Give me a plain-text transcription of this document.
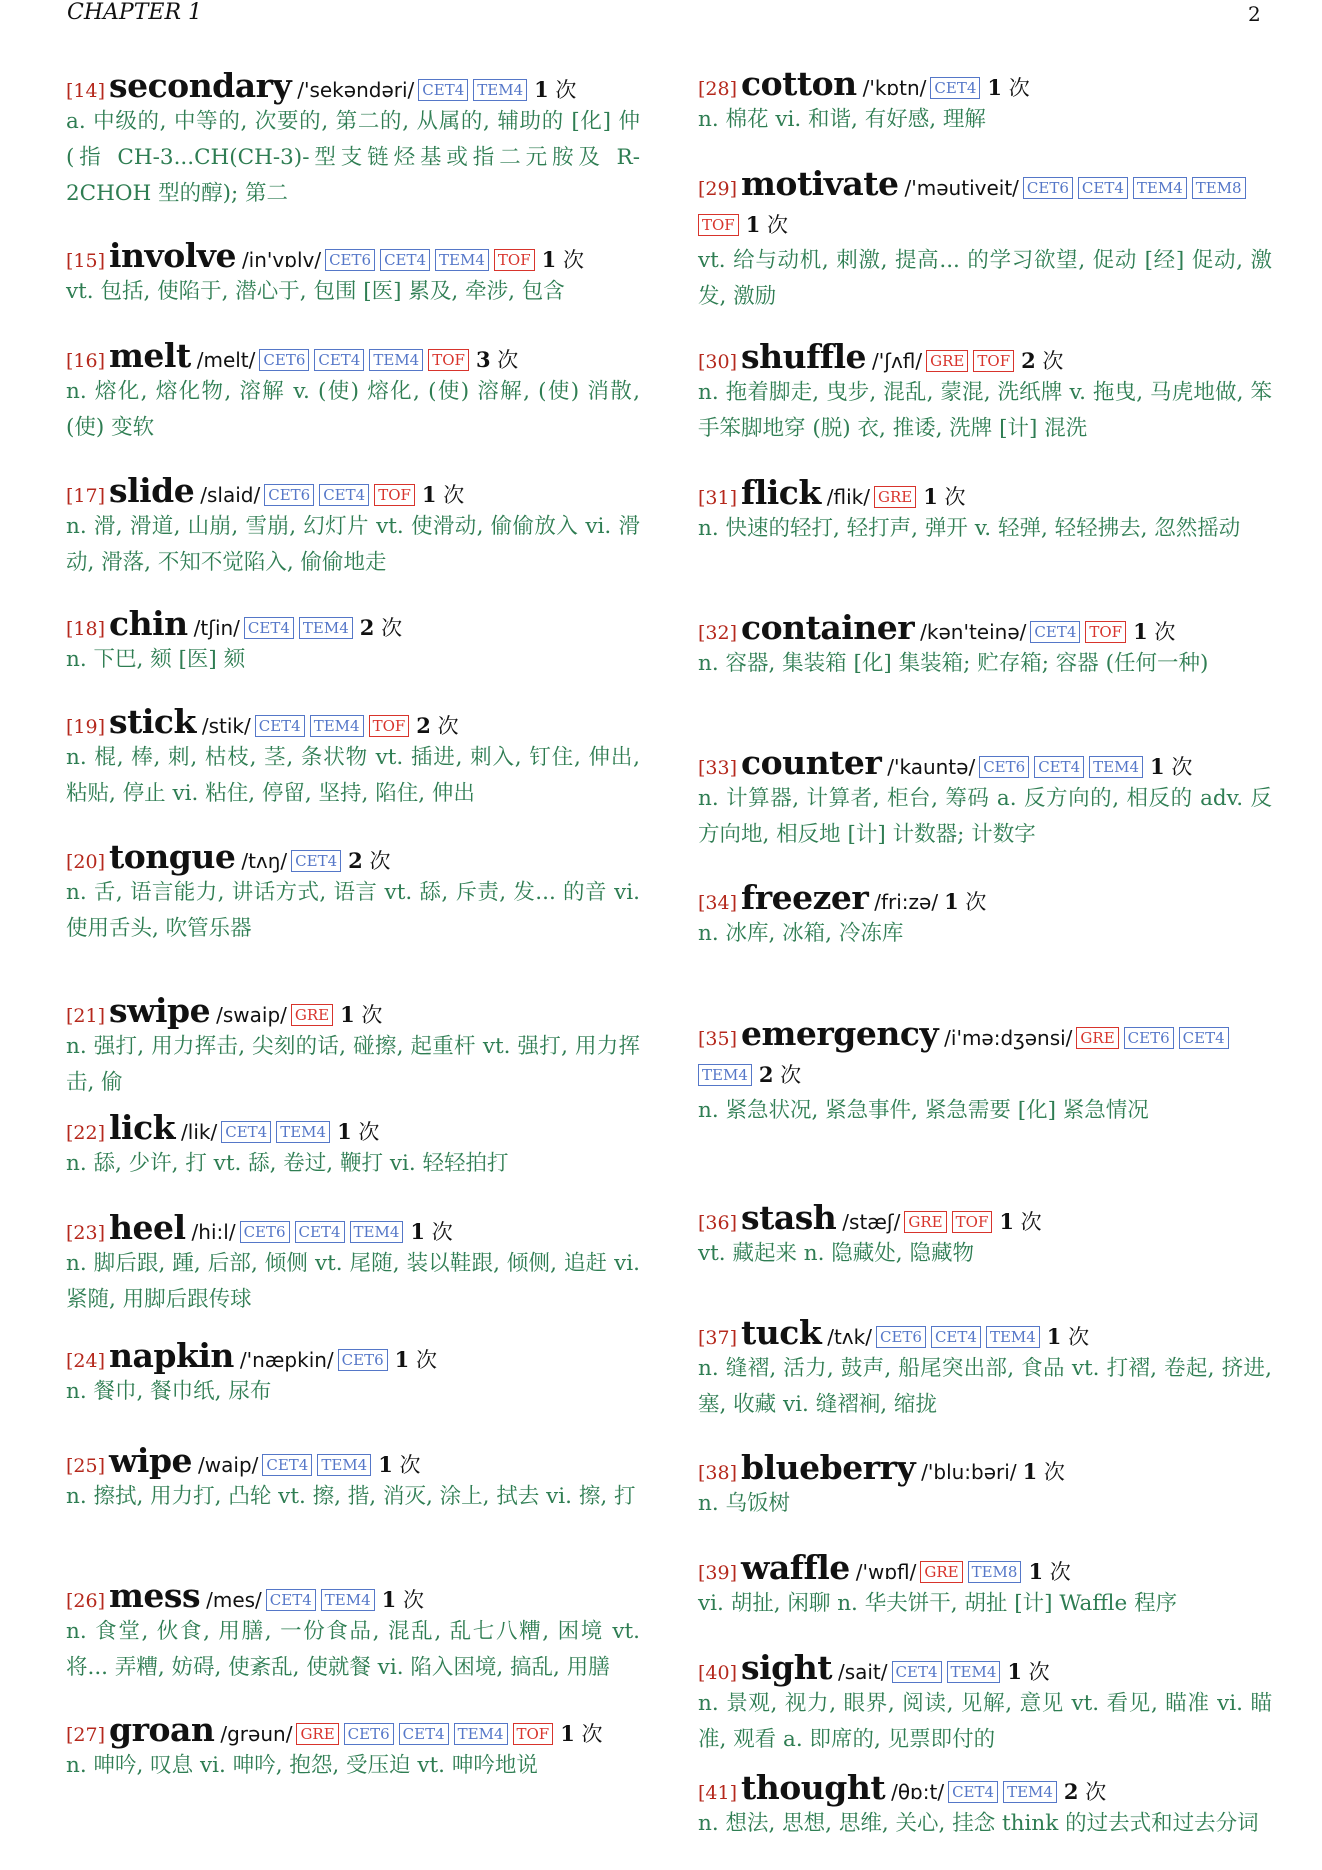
CHAPTER 1	2
[14] secondary /'sekəndəri/ CET4 TEM4 1 次
a. 中级的, 中等的, 次要的, 第二的, 从属的, 辅助的 [化] 仲 (指 CH-3...CH(CH-3)-型支链烃基或指二元胺及 R-2CHOH 型的醇); 第二
[15] involve /in'vɒlv/ CET6 CET4 TEM4 TOF 1 次
vt. 包括, 使陷于, 潜心于, 包围 [医] 累及, 牵涉, 包含
[16] melt /melt/ CET6 CET4 TEM4 TOF 3 次
n. 熔化, 熔化物, 溶解 v. (使) 熔化, (使) 溶解, (使) 消散, (使) 变软
[17] slide /slaid/ CET6 CET4 TOF 1 次
n. 滑, 滑道, 山崩, 雪崩, 幻灯片 vt. 使滑动, 偷偷放入 vi. 滑动, 滑落, 不知不觉陷入, 偷偷地走
[18] chin /tʃin/ CET4 TEM4 2 次
n. 下巴, 颏 [医] 颏
[19] stick /stik/ CET4 TEM4 TOF 2 次
n. 棍, 棒, 刺, 枯枝, 茎, 条状物 vt. 插进, 刺入, 钉住, 伸出, 粘贴, 停止 vi. 粘住, 停留, 坚持, 陷住, 伸出
[20] tongue /tʌŋ/ CET4 2 次
n. 舌, 语言能力, 讲话方式, 语言 vt. 舔, 斥责, 发... 的音 vi. 使用舌头, 吹管乐器
[21] swipe /swaip/ GRE 1 次
n. 强打, 用力挥击, 尖刻的话, 碰擦, 起重杆 vt. 强打, 用力挥击, 偷
[22] lick /lik/ CET4 TEM4 1 次
n. 舔, 少许, 打 vt. 舔, 卷过, 鞭打 vi. 轻轻拍打
[23] heel /hi:l/ CET6 CET4 TEM4 1 次
n. 脚后跟, 踵, 后部, 倾侧 vt. 尾随, 装以鞋跟, 倾侧, 追赶 vi. 紧随, 用脚后跟传球
[24] napkin /'næpkin/ CET6 1 次
n. 餐巾, 餐巾纸, 尿布
[25] wipe /waip/ CET4 TEM4 1 次
n. 擦拭, 用力打, 凸轮 vt. 擦, 揩, 消灭, 涂上, 拭去 vi. 擦, 打
[26] mess /mes/ CET4 TEM4 1 次
n. 食堂, 伙食, 用膳, 一份食品, 混乱, 乱七八糟, 困境 vt. 将... 弄糟, 妨碍, 使紊乱, 使就餐 vi. 陷入困境, 搞乱, 用膳
[27] groan /grəun/ GRE CET6 CET4 TEM4 TOF 1 次
n. 呻吟, 叹息 vi. 呻吟, 抱怨, 受压迫 vt. 呻吟地说
[28] cotton /'kɒtn/ CET4 1 次
n. 棉花 vi. 和谐, 有好感, 理解
[29] motivate /'məutiveit/ CET6 CET4 TEM4 TEM8
TOF 1 次
vt. 给与动机, 刺激, 提高... 的学习欲望, 促动 [经] 促动, 激发, 激励
[30] shuffle /'ʃʌfl/ GRE TOF 2 次
n. 拖着脚走, 曳步, 混乱, 蒙混, 洗纸牌 v. 拖曳, 马虎地做, 笨手笨脚地穿 (脱) 衣, 推诿, 洗牌 [计] 混洗
[31] flick /flik/ GRE 1 次
n. 快速的轻打, 轻打声, 弹开 v. 轻弹, 轻轻拂去, 忽然摇动
[32] container /kən'teinə/ CET4 TOF 1 次
n. 容器, 集装箱 [化] 集装箱; 贮存箱; 容器 (任何一种)
[33] counter /'kauntə/ CET6 CET4 TEM4 1 次
n. 计算器, 计算者, 柜台, 筹码 a. 反方向的, 相反的 adv. 反方向地, 相反地 [计] 计数器; 计数字
[34] freezer /fri:zə/ 1 次
n. 冰库, 冰箱, 冷冻库
[35] emergency /i'mə:dʒənsi/ GRE CET6 CET4
TEM4 2 次
n. 紧急状况, 紧急事件, 紧急需要 [化] 紧急情况
[36] stash /stæʃ/ GRE TOF 1 次
vt. 藏起来 n. 隐藏处, 隐藏物
[37] tuck /tʌk/ CET6 CET4 TEM4 1 次
n. 缝褶, 活力, 鼓声, 船尾突出部, 食品 vt. 打褶, 卷起, 挤进, 塞, 收藏 vi. 缝褶裥, 缩拢
[38] blueberry /'blu:bəri/ 1 次
n. 乌饭树
[39] waffle /'wɒfl/ GRE TEM8 1 次
vi. 胡扯, 闲聊 n. 华夫饼干, 胡扯 [计] Waffle 程序
[40] sight /sait/ CET4 TEM4 1 次
n. 景观, 视力, 眼界, 阅读, 见解, 意见 vt. 看见, 瞄准 vi. 瞄准, 观看 a. 即席的, 见票即付的
[41] thought /θɒ:t/ CET4 TEM4 2 次
n. 想法, 思想, 思维, 关心, 挂念 think 的过去式和过去分词
